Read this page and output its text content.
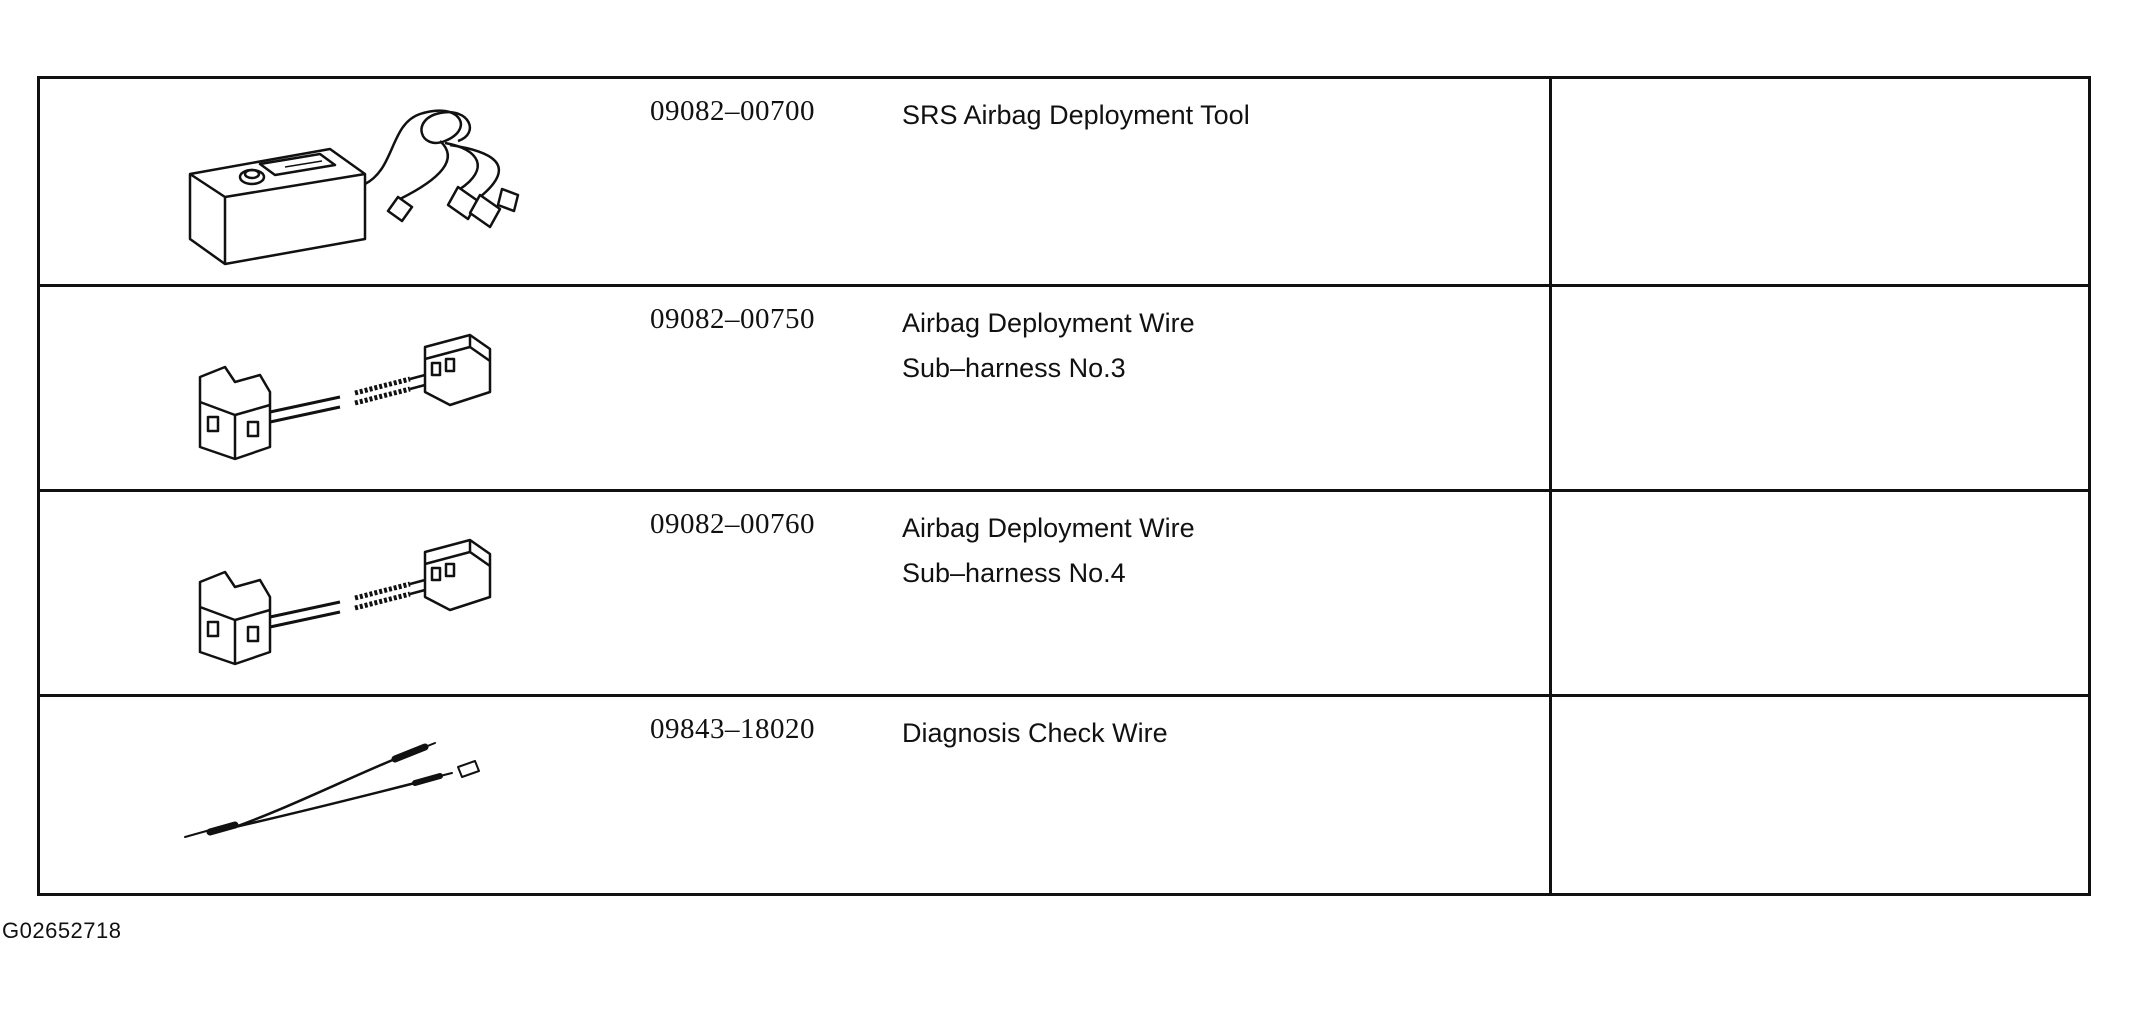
09082–00700	SRS Airbag Deployment Tool
09082–00750	Airbag Deployment Wire
Sub–harness No.3
09082–00760	Airbag Deployment Wire
Sub–harness No.4
09843–18020	Diagnosis Check Wire
G02652718
